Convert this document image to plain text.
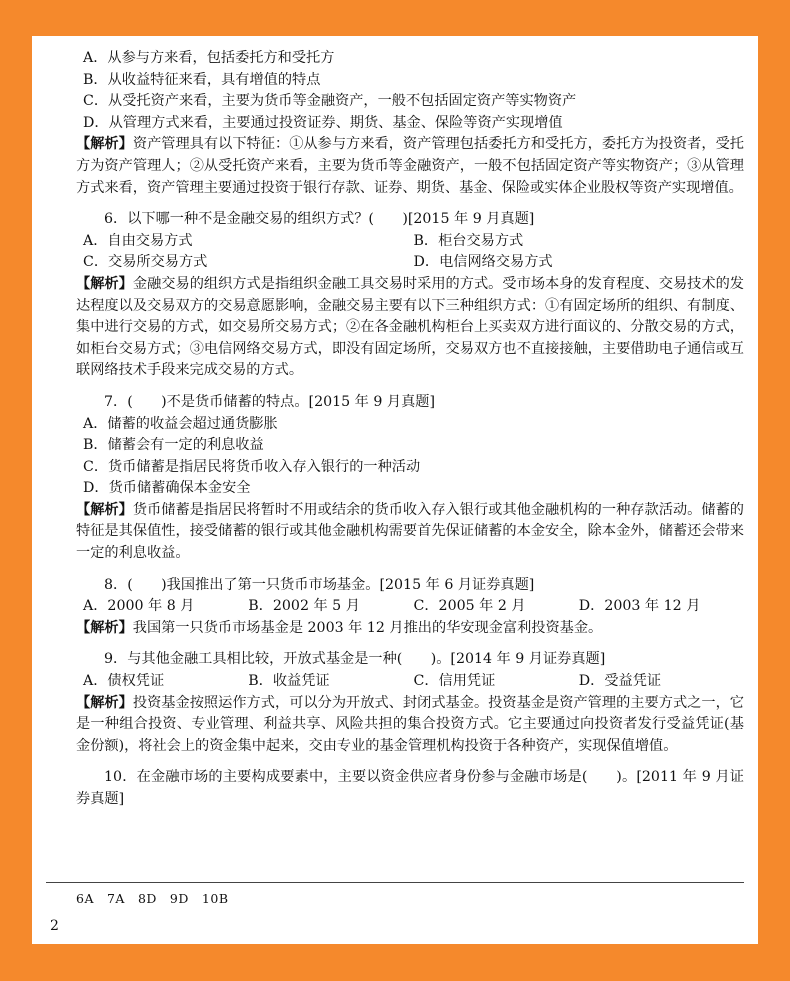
A．从参与方来看，包括委托方和受托方
B．从收益特征来看，具有增值的特点
C．从受托资产来看，主要为货币等金融资产，一般不包括固定资产等实物资产
D．从管理方式来看，主要通过投资证券、期货、基金、保险等资产实现增值
【解析】资产管理具有以下特征：①从参与方来看，资产管理包括委托方和受托方，委托方为投资者，受托方为资产管理人；②从受托资产来看，主要为货币等金融资产，一般不包括固定资产等实物资产；③从管理方式来看，资产管理主要通过投资于银行存款、证券、期货、基金、保险或实体企业股权等资产实现增值。
6．以下哪一种不是金融交易的组织方式？(　　)[2015 年 9 月真题]
A．自由交易方式	B．柜台交易方式
C．交易所交易方式	D．电信网络交易方式
【解析】金融交易的组织方式是指组织金融工具交易时采用的方式。受市场本身的发育程度、交易技术的发达程度以及交易双方的交易意愿影响，金融交易主要有以下三种组织方式：①有固定场所的组织、有制度、集中进行交易的方式，如交易所交易方式；②在各金融机构柜台上买卖双方进行面议的、分散交易的方式，如柜台交易方式；③电信网络交易方式，即没有固定场所，交易双方也不直接接触，主要借助电子通信或互联网络技术手段来完成交易的方式。
7．(　　)不是货币储蓄的特点。[2015 年 9 月真题]
A．储蓄的收益会超过通货膨胀
B．储蓄会有一定的利息收益
C．货币储蓄是指居民将货币收入存入银行的一种活动
D．货币储蓄确保本金安全
【解析】货币储蓄是指居民将暂时不用或结余的货币收入存入银行或其他金融机构的一种存款活动。储蓄的特征是其保值性，接受储蓄的银行或其他金融机构需要首先保证储蓄的本金安全，除本金外，储蓄还会带来一定的利息收益。
8．(　　)我国推出了第一只货币市场基金。[2015 年 6 月证券真题]
A．2000 年 8 月	B．2002 年 5 月	C．2005 年 2 月	D．2003 年 12 月
【解析】我国第一只货币市场基金是 2003 年 12 月推出的华安现金富利投资基金。
9．与其他金融工具相比较，开放式基金是一种(　　)。[2014 年 9 月证券真题]
A．债权凭证	B．收益凭证	C．信用凭证	D．受益凭证
【解析】投资基金按照运作方式，可以分为开放式、封闭式基金。投资基金是资产管理的主要方式之一，它是一种组合投资、专业管理、利益共享、风险共担的集合投资方式。它主要通过向投资者发行受益凭证(基金份额)，将社会上的资金集中起来，交由专业的基金管理机构投资于各种资产，实现保值增值。
10．在金融市场的主要构成要素中，主要以资金供应者身份参与金融市场是(　　)。[2011 年 9 月证券真题]
6A　7A　8D　9D　10B
2
